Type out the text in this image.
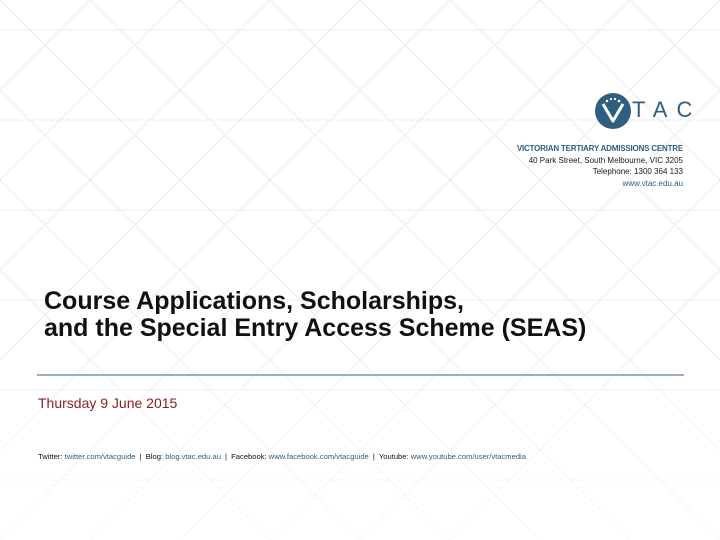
TAC
VICTORIAN TERTIARY ADMISSIONS CENTRE
40 Park Street, South Melbourne, VIC 3205
Telephone: 1300 364 133
www.vtac.edu.au
Course Applications, Scholarships,
and the Special Entry Access Scheme (SEAS)
Thursday 9 June 2015
Twitter: twitter.com/vtacguide | Blog: blog.vtac.edu.au | Facebook: www.facebook.com/vtacguide | Youtube: www.youtube.com/user/vtacmedia
